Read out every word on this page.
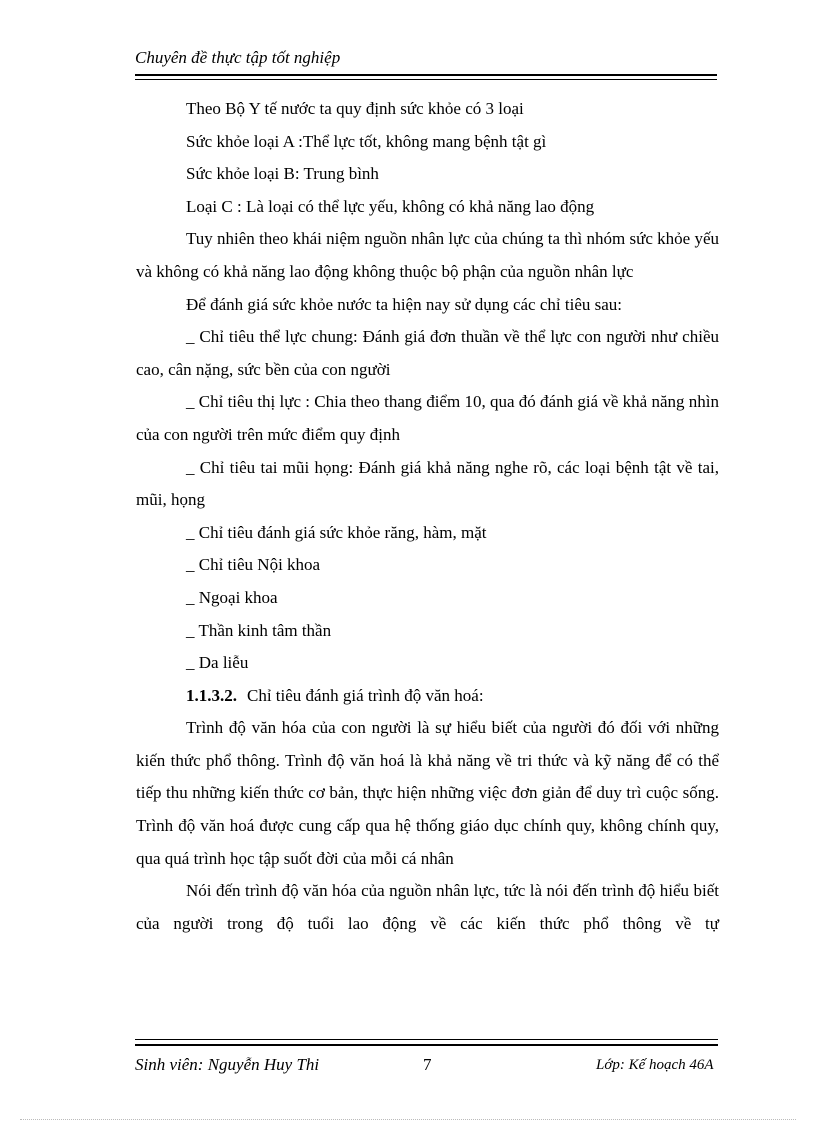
Chuyên đề thực tập tốt nghiệp

Theo Bộ Y tế nước ta quy định sức khỏe có 3 loại

Sức khỏe loại A :Thể lực tốt, không mang bệnh tật gì

Sức khỏe loại B: Trung bình

Loại C : Là loại có thể lực yếu, không có khả năng lao động

Tuy nhiên theo khái niệm nguồn nhân lực của chúng ta thì nhóm sức khỏe yếu và không có khả năng lao động không thuộc bộ phận của nguồn nhân lực

Để đánh giá sức khỏe nước ta hiện nay sử dụng các chỉ tiêu sau:

_ Chỉ tiêu thể lực chung: Đánh giá đơn thuần về thể lực con người như chiều cao, cân nặng, sức bền của con người

_ Chỉ tiêu thị lực : Chia theo thang điểm 10, qua đó đánh giá về khả năng nhìn của con người trên mức điểm quy định

_ Chỉ tiêu tai mũi họng: Đánh giá khả năng nghe rõ, các loại bệnh tật về tai, mũi, họng

_ Chỉ tiêu đánh giá sức khỏe răng, hàm, mặt

_ Chỉ tiêu Nội khoa

_ Ngoại khoa

_ Thần kinh tâm thần

_ Da liễu

1.1.3.2. Chỉ tiêu đánh giá trình độ văn hoá:

Trình độ văn hóa của con người là sự hiểu biết của người đó đối với những kiến thức phổ thông. Trình độ văn hoá là khả năng về tri thức và kỹ năng để có thể tiếp thu những kiến thức cơ bản, thực hiện những việc đơn giản để duy trì cuộc sống. Trình độ văn hoá được cung cấp qua hệ thống giáo dục chính quy, không chính quy, qua quá trình học tập suốt đời của mỗi cá nhân

Nói đến trình độ văn hóa của nguồn nhân lực, tức là nói đến trình độ hiểu biết của người trong độ tuổi lao động về các kiến thức phổ thông về tự

Sinh viên: Nguyễn Huy Thi	7	Lớp: Kế hoạch 46A
